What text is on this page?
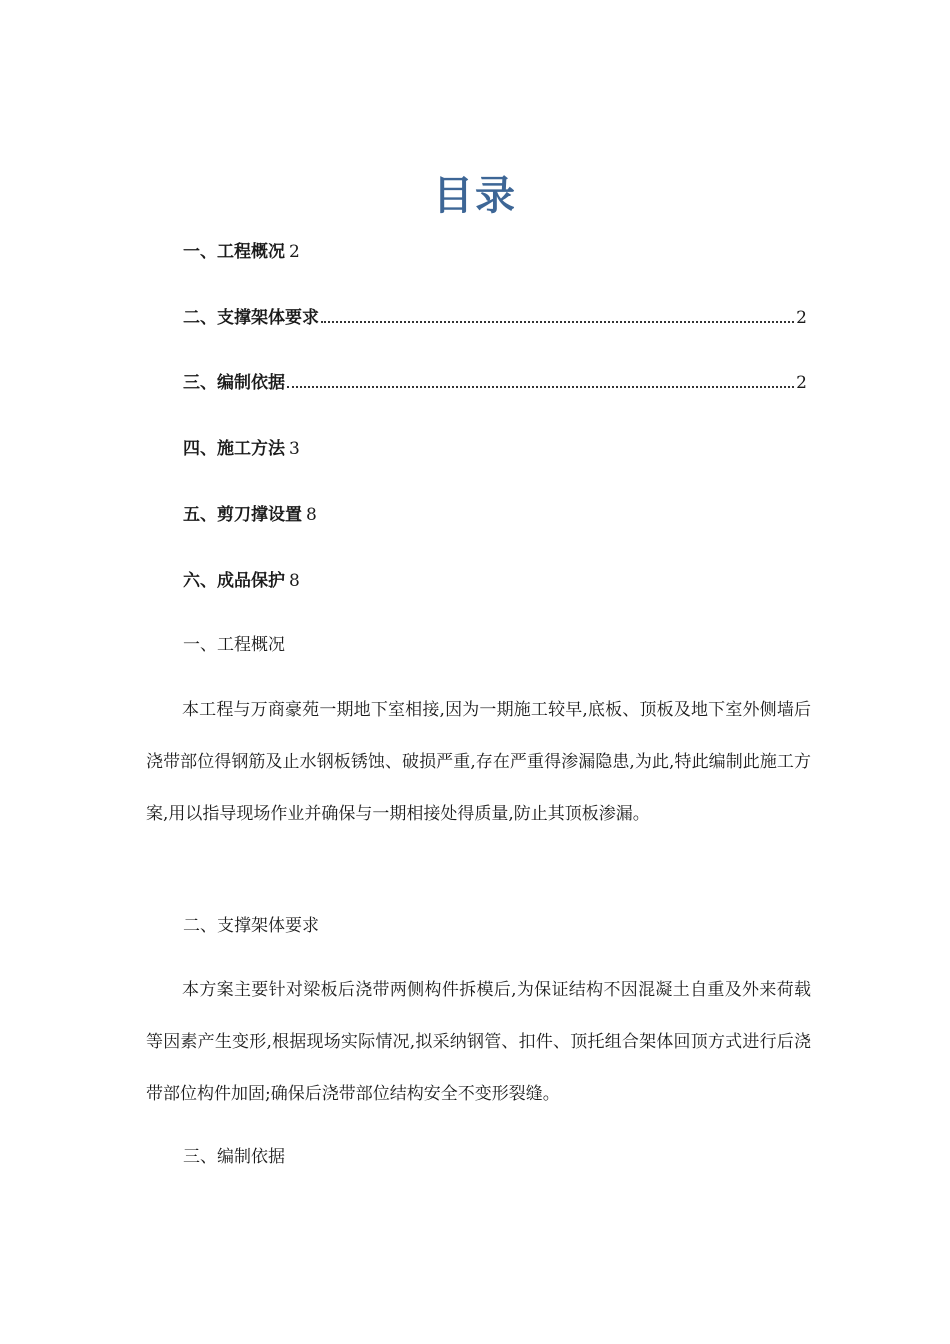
目录
一、工程概况 2
二、支撑架体要求	2
三、编制依据	2
四、施工方法 3
五、剪刀撑设置 8
六、成品保护 8
一、工程概况
本工程与万商豪苑一期地下室相接,因为一期施工较早,底板、顶板及地下室外侧墙后浇带部位得钢筋及止水钢板锈蚀、破损严重,存在严重得渗漏隐患,为此,特此编制此施工方案,用以指导现场作业并确保与一期相接处得质量,防止其顶板渗漏。
二、支撑架体要求
本方案主要针对梁板后浇带两侧构件拆模后,为保证结构不因混凝土自重及外来荷载等因素产生变形,根据现场实际情况,拟采纳钢管、扣件、顶托组合架体回顶方式进行后浇带部位构件加固;确保后浇带部位结构安全不变形裂缝。
三、编制依据
